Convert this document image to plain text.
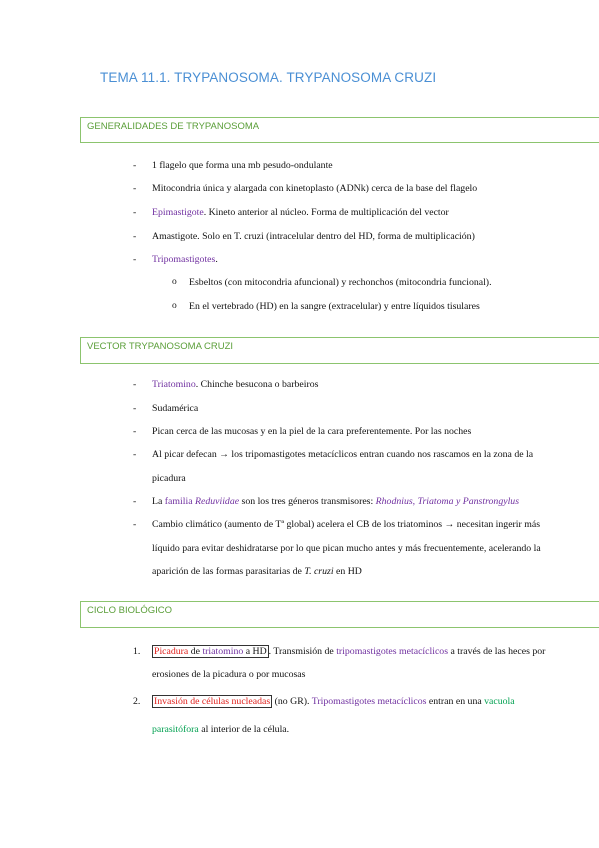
TEMA 11.1. TRYPANOSOMA. TRYPANOSOMA CRUZI
GENERALIDADES DE TRYPANOSOMA
- 1 flagelo que forma una mb pesudo-ondulante
- Mitocondria única y alargada con kinetoplasto (ADNk) cerca de la base del flagelo
- Epimastigote. Kineto anterior al núcleo. Forma de multiplicación del vector
- Amastigote. Solo en T. cruzi (intracelular dentro del HD, forma de multiplicación)
- Tripomastigotes.
o Esbeltos (con mitocondria afuncional) y rechonchos (mitocondria funcional).
o En el vertebrado (HD) en la sangre (extracelular) y entre líquidos tisulares
VECTOR TRYPANOSOMA CRUZI
- Triatomino. Chinche besucona o barbeiros
- Sudamérica
- Pican cerca de las mucosas y en la piel de la cara preferentemente. Por las noches
- Al picar defecan → los tripomastigotes metacíclicos entran cuando nos rascamos en la zona de la
picadura
- La familia Reduviidae son los tres géneros transmisores: Rhodnius, Triatoma y Panstrongylus
- Cambio climático (aumento de Tª global) acelera el CB de los triatominos → necesitan ingerir más
líquido para evitar deshidratarse por lo que pican mucho antes y más frecuentemente, acelerando la
aparición de las formas parasitarias de T. cruzi en HD
CICLO BIOLÓGICO
1. Picadura de triatomino a HD . Transmisión de tripomastigotes metacíclicos a través de las heces por
erosiones de la picadura o por mucosas
2. Invasión de células nucleadas (no GR). Tripomastigotes metacíclicos entran en una vacuola
parasitófora al interior de la célula.
